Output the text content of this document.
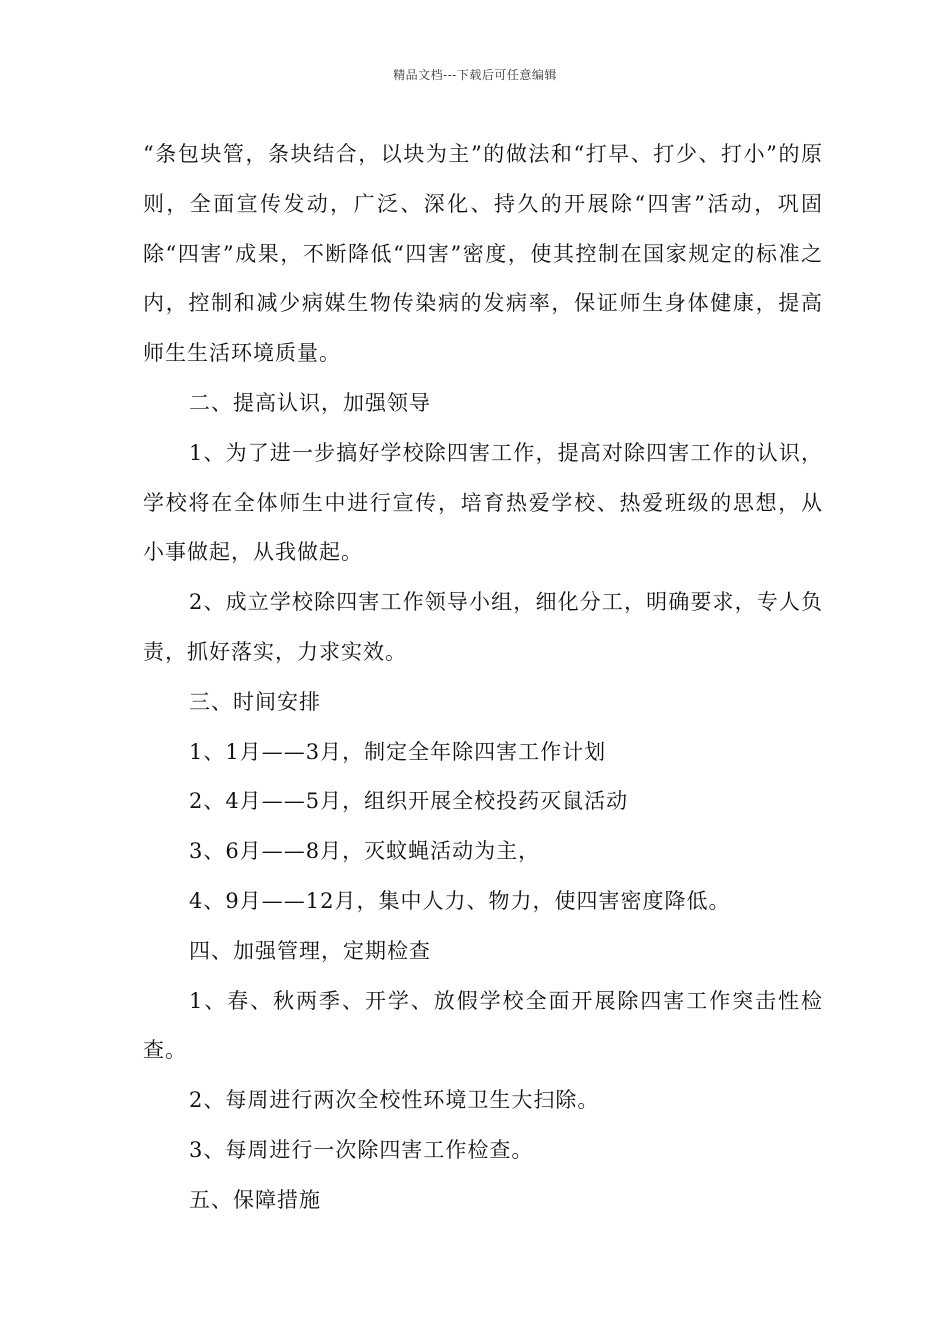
精品文档---下载后可任意编辑

“条包块管，条块结合，以块为主”的做法和“打早、打少、打小”的原则，全面宣传发动，广泛、深化、持久的开展除“四害”活动，巩固除“四害”成果，不断降低“四害”密度，使其控制在国家规定的标准之内，控制和减少病媒生物传染病的发病率，保证师生身体健康，提高师生生活环境质量。

二、提高认识，加强领导

1、为了进一步搞好学校除四害工作，提高对除四害工作的认识，学校将在全体师生中进行宣传，培育热爱学校、热爱班级的思想，从小事做起，从我做起。

2、成立学校除四害工作领导小组，细化分工，明确要求，专人负责，抓好落实，力求实效。

三、时间安排

1、1月——3月，制定全年除四害工作计划

2、4月——5月，组织开展全校投药灭鼠活动

3、6月——8月，灭蚊蝇活动为主，

4、9月——12月，集中人力、物力，使四害密度降低。

四、加强管理，定期检查

1、春、秋两季、开学、放假学校全面开展除四害工作突击性检查。

2、每周进行两次全校性环境卫生大扫除。

3、每周进行一次除四害工作检查。

五、保障措施
